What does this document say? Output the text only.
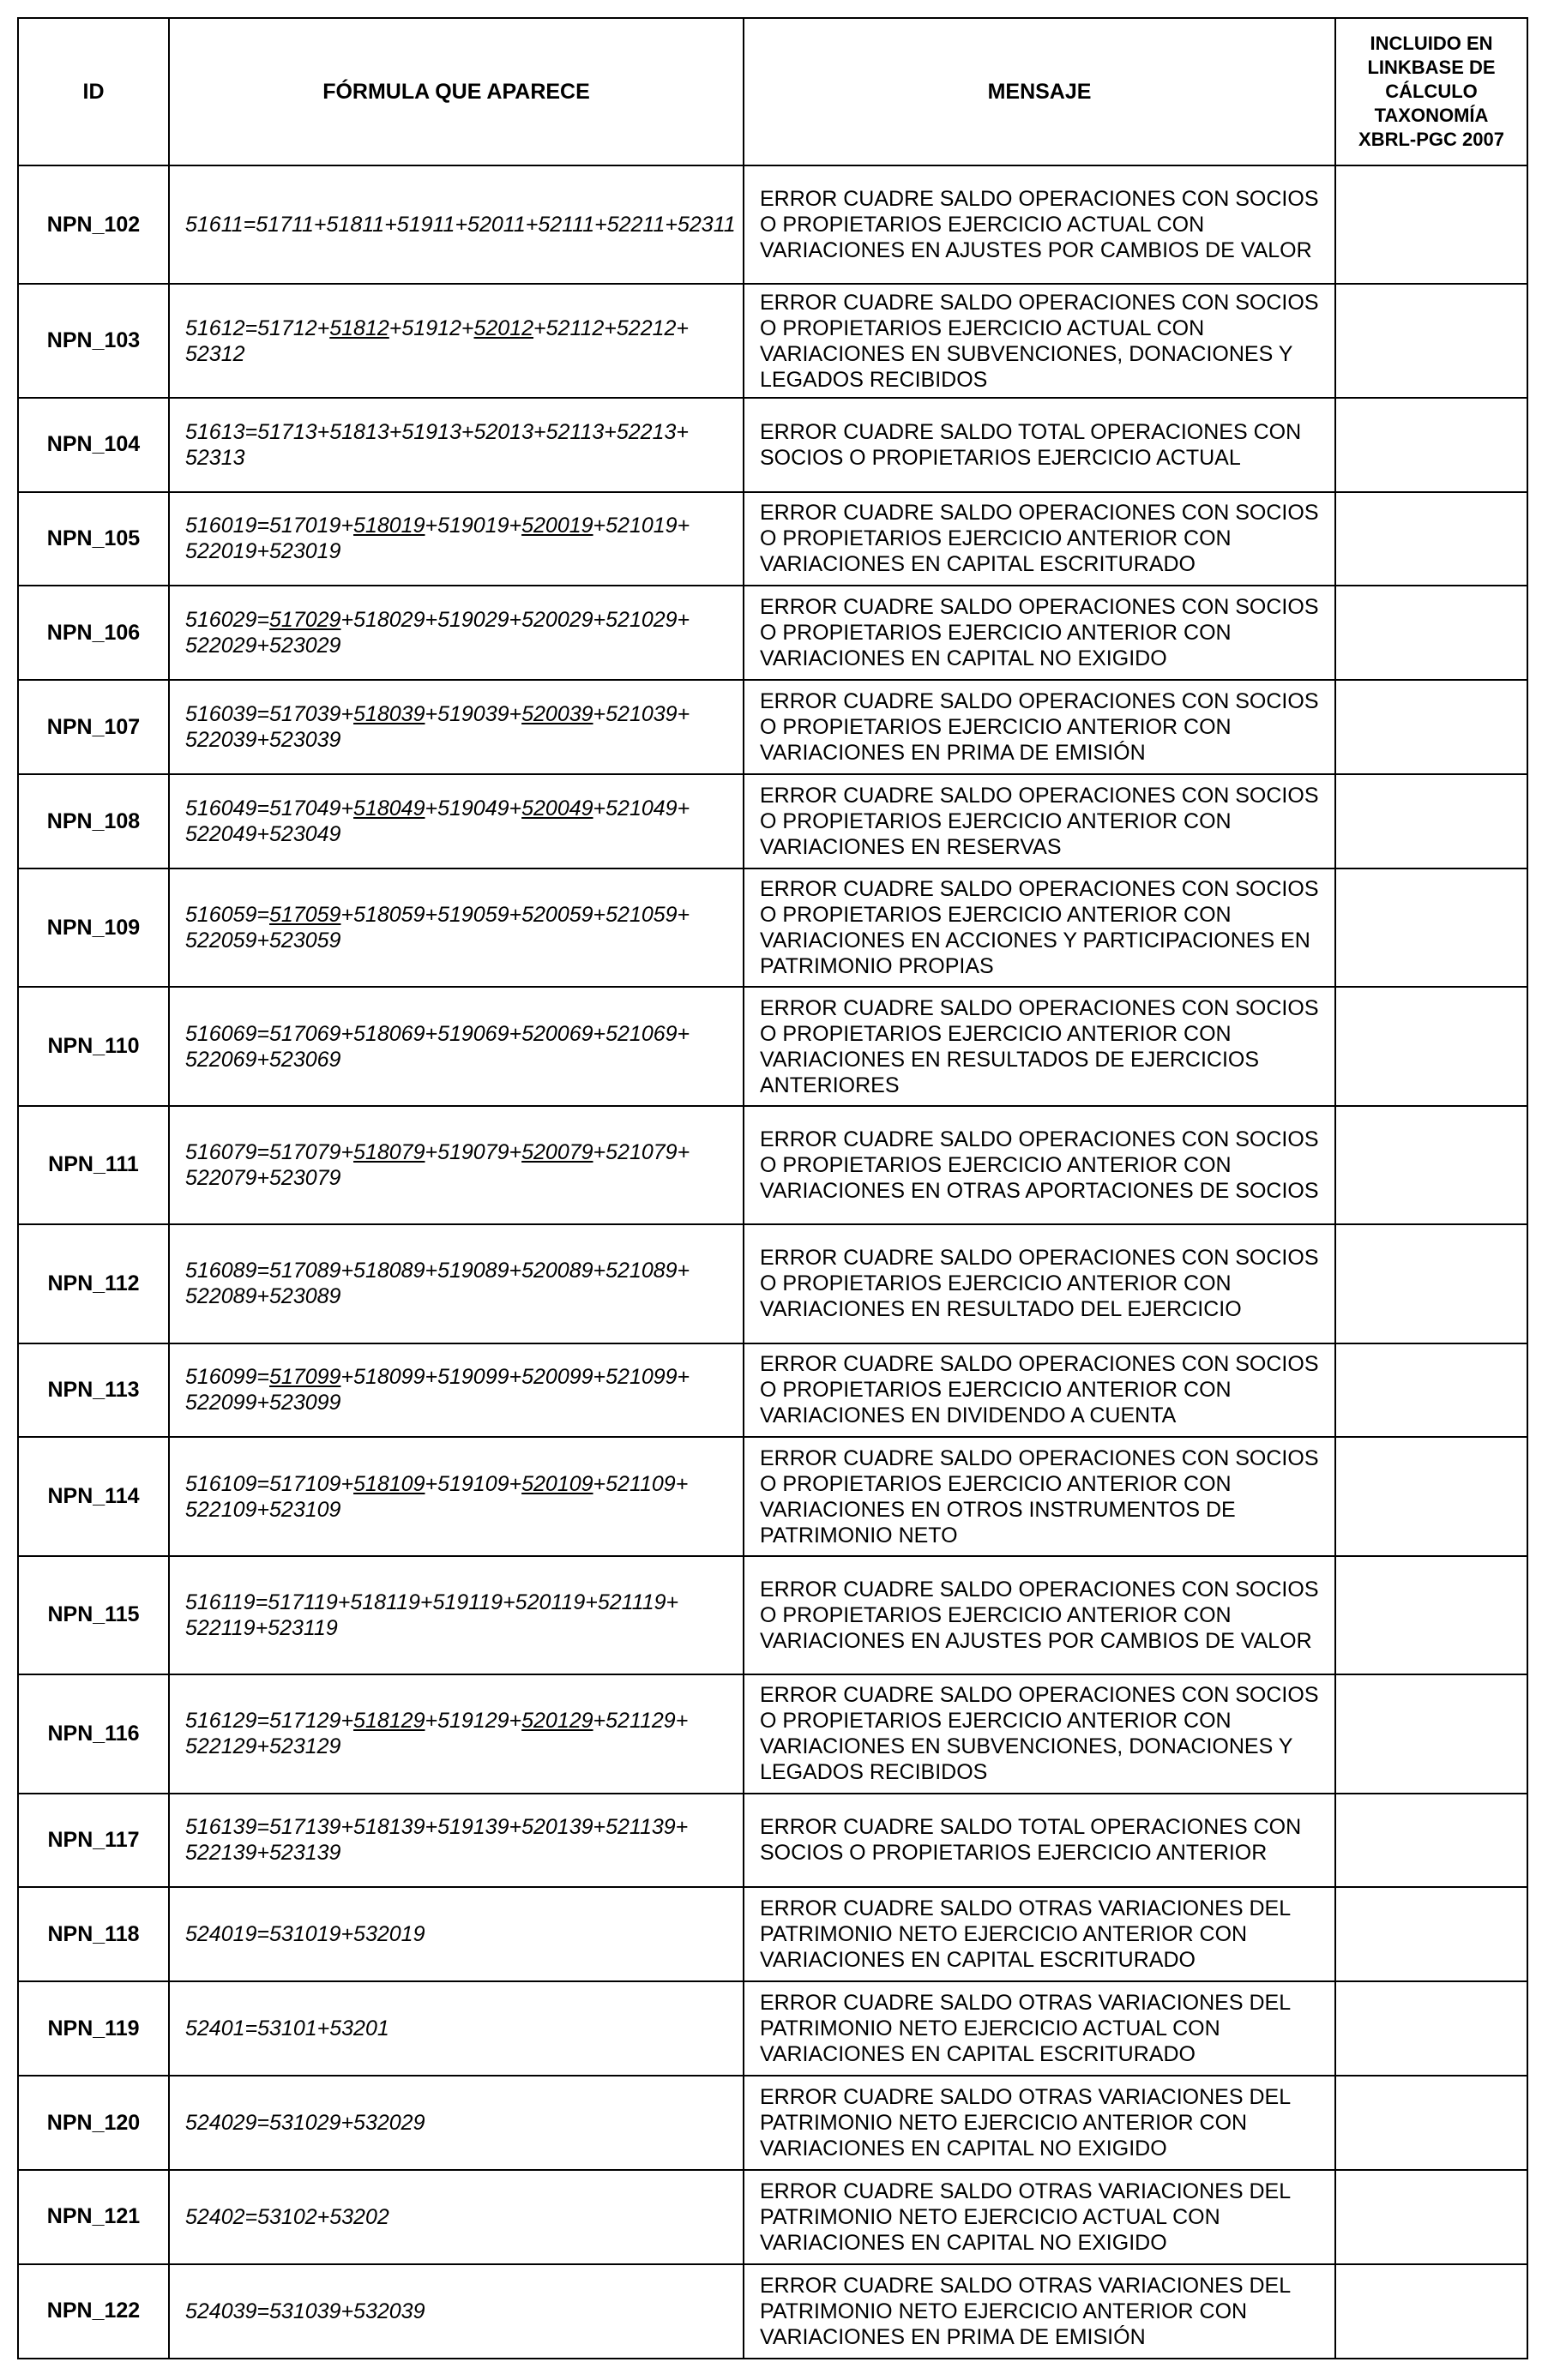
ID	FÓRMULA QUE APARECE	MENSAJE	INCLUIDO EN LINKBASE DE CÁLCULO TAXONOMÍA XBRL-PGC 2007
NPN_102	51611=51711+51811+51911+52011+52111+52211+52311	ERROR CUADRE SALDO OPERACIONES CON SOCIOS O PROPIETARIOS EJERCICIO ACTUAL CON VARIACIONES EN AJUSTES POR CAMBIOS DE VALOR	
NPN_103	51612=51712+51812+51912+52012+52112+52212+ 52312	ERROR CUADRE SALDO OPERACIONES CON SOCIOS O PROPIETARIOS EJERCICIO ACTUAL CON VARIACIONES EN SUBVENCIONES, DONACIONES Y LEGADOS RECIBIDOS	
NPN_104	51613=51713+51813+51913+52013+52113+52213+ 52313	ERROR CUADRE SALDO TOTAL OPERACIONES CON SOCIOS O PROPIETARIOS EJERCICIO ACTUAL	
NPN_105	516019=517019+518019+519019+520019+521019+ 522019+523019	ERROR CUADRE SALDO OPERACIONES CON SOCIOS O PROPIETARIOS EJERCICIO ANTERIOR CON VARIACIONES EN CAPITAL ESCRITURADO	
NPN_106	516029=517029+518029+519029+520029+521029+ 522029+523029	ERROR CUADRE SALDO OPERACIONES CON SOCIOS O PROPIETARIOS EJERCICIO ANTERIOR CON VARIACIONES EN CAPITAL NO EXIGIDO	
NPN_107	516039=517039+518039+519039+520039+521039+ 522039+523039	ERROR CUADRE SALDO OPERACIONES CON SOCIOS O PROPIETARIOS EJERCICIO ANTERIOR CON VARIACIONES EN PRIMA DE EMISIÓN	
NPN_108	516049=517049+518049+519049+520049+521049+ 522049+523049	ERROR CUADRE SALDO OPERACIONES CON SOCIOS O PROPIETARIOS EJERCICIO ANTERIOR CON VARIACIONES EN RESERVAS	
NPN_109	516059=517059+518059+519059+520059+521059+ 522059+523059	ERROR CUADRE SALDO OPERACIONES CON SOCIOS O PROPIETARIOS EJERCICIO ANTERIOR CON VARIACIONES EN ACCIONES Y PARTICIPACIONES EN PATRIMONIO PROPIAS	
NPN_110	516069=517069+518069+519069+520069+521069+ 522069+523069	ERROR CUADRE SALDO OPERACIONES CON SOCIOS O PROPIETARIOS EJERCICIO ANTERIOR CON VARIACIONES EN RESULTADOS DE EJERCICIOS ANTERIORES	
NPN_111	516079=517079+518079+519079+520079+521079+ 522079+523079	ERROR CUADRE SALDO OPERACIONES CON SOCIOS O PROPIETARIOS EJERCICIO ANTERIOR CON VARIACIONES EN OTRAS APORTACIONES DE SOCIOS	
NPN_112	516089=517089+518089+519089+520089+521089+ 522089+523089	ERROR CUADRE SALDO OPERACIONES CON SOCIOS O PROPIETARIOS EJERCICIO ANTERIOR CON VARIACIONES EN RESULTADO DEL EJERCICIO	
NPN_113	516099=517099+518099+519099+520099+521099+ 522099+523099	ERROR CUADRE SALDO OPERACIONES CON SOCIOS O PROPIETARIOS EJERCICIO ANTERIOR CON VARIACIONES EN DIVIDENDO A CUENTA	
NPN_114	516109=517109+518109+519109+520109+521109+ 522109+523109	ERROR CUADRE SALDO OPERACIONES CON SOCIOS O PROPIETARIOS EJERCICIO ANTERIOR CON VARIACIONES EN OTROS INSTRUMENTOS DE PATRIMONIO NETO	
NPN_115	516119=517119+518119+519119+520119+521119+ 522119+523119	ERROR CUADRE SALDO OPERACIONES CON SOCIOS O PROPIETARIOS EJERCICIO ANTERIOR CON VARIACIONES EN AJUSTES POR CAMBIOS DE VALOR	
NPN_116	516129=517129+518129+519129+520129+521129+ 522129+523129	ERROR CUADRE SALDO OPERACIONES CON SOCIOS O PROPIETARIOS EJERCICIO ANTERIOR CON VARIACIONES EN SUBVENCIONES, DONACIONES Y LEGADOS RECIBIDOS	
NPN_117	516139=517139+518139+519139+520139+521139+ 522139+523139	ERROR CUADRE SALDO TOTAL OPERACIONES CON SOCIOS O PROPIETARIOS EJERCICIO ANTERIOR	
NPN_118	524019=531019+532019	ERROR CUADRE SALDO OTRAS VARIACIONES DEL PATRIMONIO NETO EJERCICIO ANTERIOR CON VARIACIONES EN CAPITAL ESCRITURADO	
NPN_119	52401=53101+53201	ERROR CUADRE SALDO OTRAS VARIACIONES DEL PATRIMONIO NETO EJERCICIO ACTUAL CON VARIACIONES EN CAPITAL ESCRITURADO	
NPN_120	524029=531029+532029	ERROR CUADRE SALDO OTRAS VARIACIONES DEL PATRIMONIO NETO EJERCICIO ANTERIOR CON VARIACIONES EN CAPITAL NO EXIGIDO	
NPN_121	52402=53102+53202	ERROR CUADRE SALDO OTRAS VARIACIONES DEL PATRIMONIO NETO EJERCICIO ACTUAL CON VARIACIONES EN CAPITAL NO EXIGIDO	
NPN_122	524039=531039+532039	ERROR CUADRE SALDO OTRAS VARIACIONES DEL PATRIMONIO NETO EJERCICIO ANTERIOR CON VARIACIONES EN PRIMA DE EMISIÓN	
